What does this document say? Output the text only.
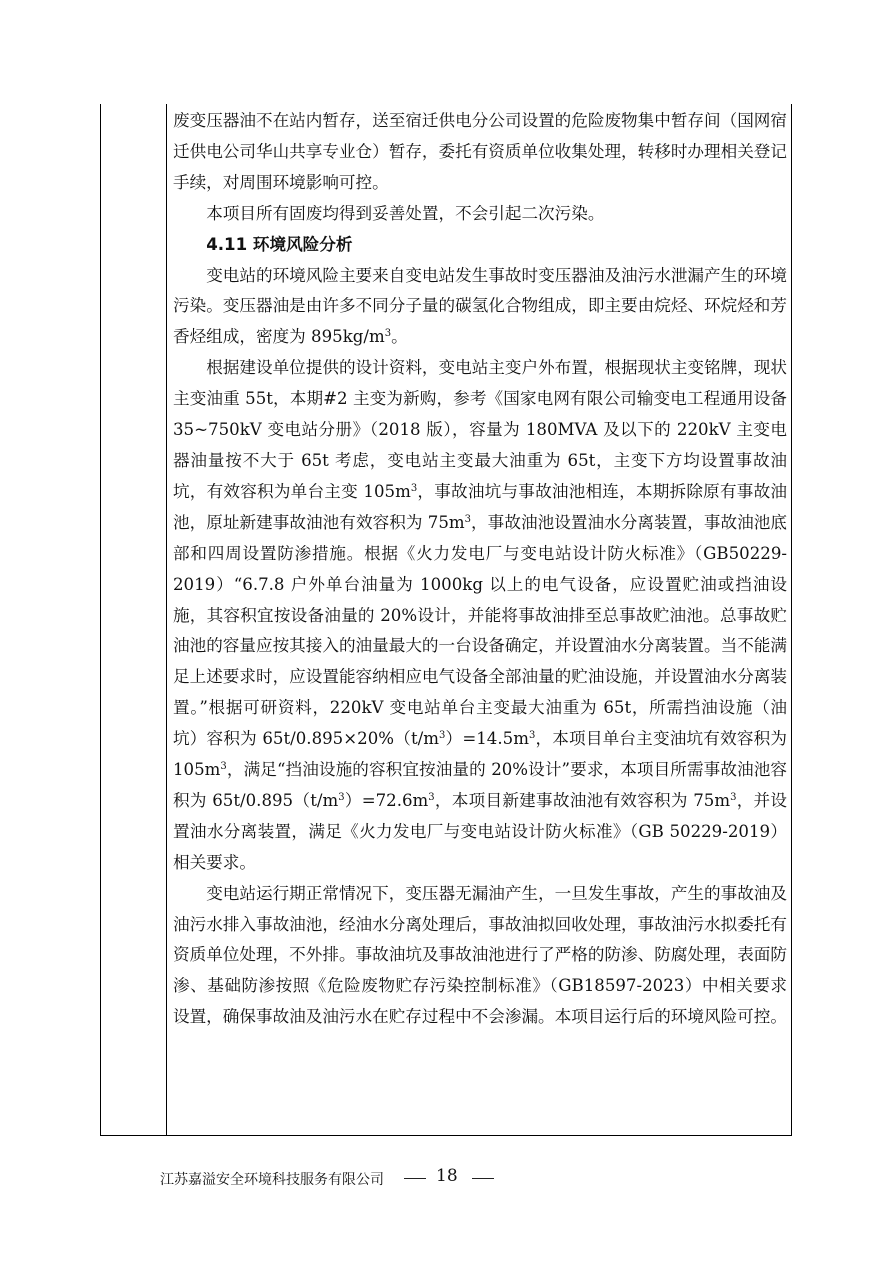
废变压器油不在站内暂存，送至宿迁供电分公司设置的危险废物集中暂存间（国网宿迁供电公司华山共享专业仓）暂存，委托有资质单位收集处理，转移时办理相关登记手续，对周围环境影响可控。

本项目所有固废均得到妥善处置，不会引起二次污染。

4.11 环境风险分析

变电站的环境风险主要来自变电站发生事故时变压器油及油污水泄漏产生的环境污染。变压器油是由许多不同分子量的碳氢化合物组成，即主要由烷烃、环烷烃和芳香烃组成，密度为 $895kg/m^3$。

根据建设单位提供的设计资料，变电站主变户外布置，根据现状主变铭牌，现状主变油重 55t，本期#2 主变为新购，参考《国家电网有限公司输变电工程通用设备 35~750kV 变电站分册》（2018 版），容量为 180MVA 及以下的 220kV 主变电器油量按不大于 65t 考虑，变电站主变最大油重为 65t，主变下方均设置事故油坑，有效容积为单台主变 $105m^3$，事故油坑与事故油池相连，本期拆除原有事故油池，原址新建事故油池有效容积为 $75m^3$，事故油池设置油水分离装置，事故油池底部和四周设置防渗措施。根据《火力发电厂与变电站设计防火标准》（GB50229-2019）“6.7.8 户外单台油量为 1000kg 以上的电气设备，应设置贮油或挡油设施，其容积宜按设备油量的 20%设计，并能将事故油排至总事故贮油池。总事故贮油池的容量应按其接入的油量最大的一台设备确定，并设置油水分离装置。当不能满足上述要求时，应设置能容纳相应电气设备全部油量的贮油设施，并设置油水分离装置。”根据可研资料，220kV 变电站单台主变最大油重为 65t，所需挡油设施（油坑）容积为 $65t/0.895\times 20\%(t/m^3)=14.5m^3$，本项目单台主变油坑有效容积为 $105m^3$，满足“挡油设施的容积宜按油量的 20%设计”要求，本项目所需事故油池容积为 $65t/0.895(t/m^3)=72.6m^3$，本项目新建事故油池有效容积为 $75m^3$，并设置油水分离装置，满足《火力发电厂与变电站设计防火标准》（GB 50229-2019）相关要求。

变电站运行期正常情况下，变压器无漏油产生，一旦发生事故，产生的事故油及油污水排入事故油池，经油水分离处理后，事故油拟回收处理，事故油污水拟委托有资质单位处理，不外排。事故油坑及事故油池进行了严格的防渗、防腐处理，表面防渗、基础防渗按照《危险废物贮存污染控制标准》（GB18597-2023）中相关要求设置，确保事故油及油污水在贮存过程中不会渗漏。本项目运行后的环境风险可控。

江苏嘉溢安全环境科技服务有限公司	18
